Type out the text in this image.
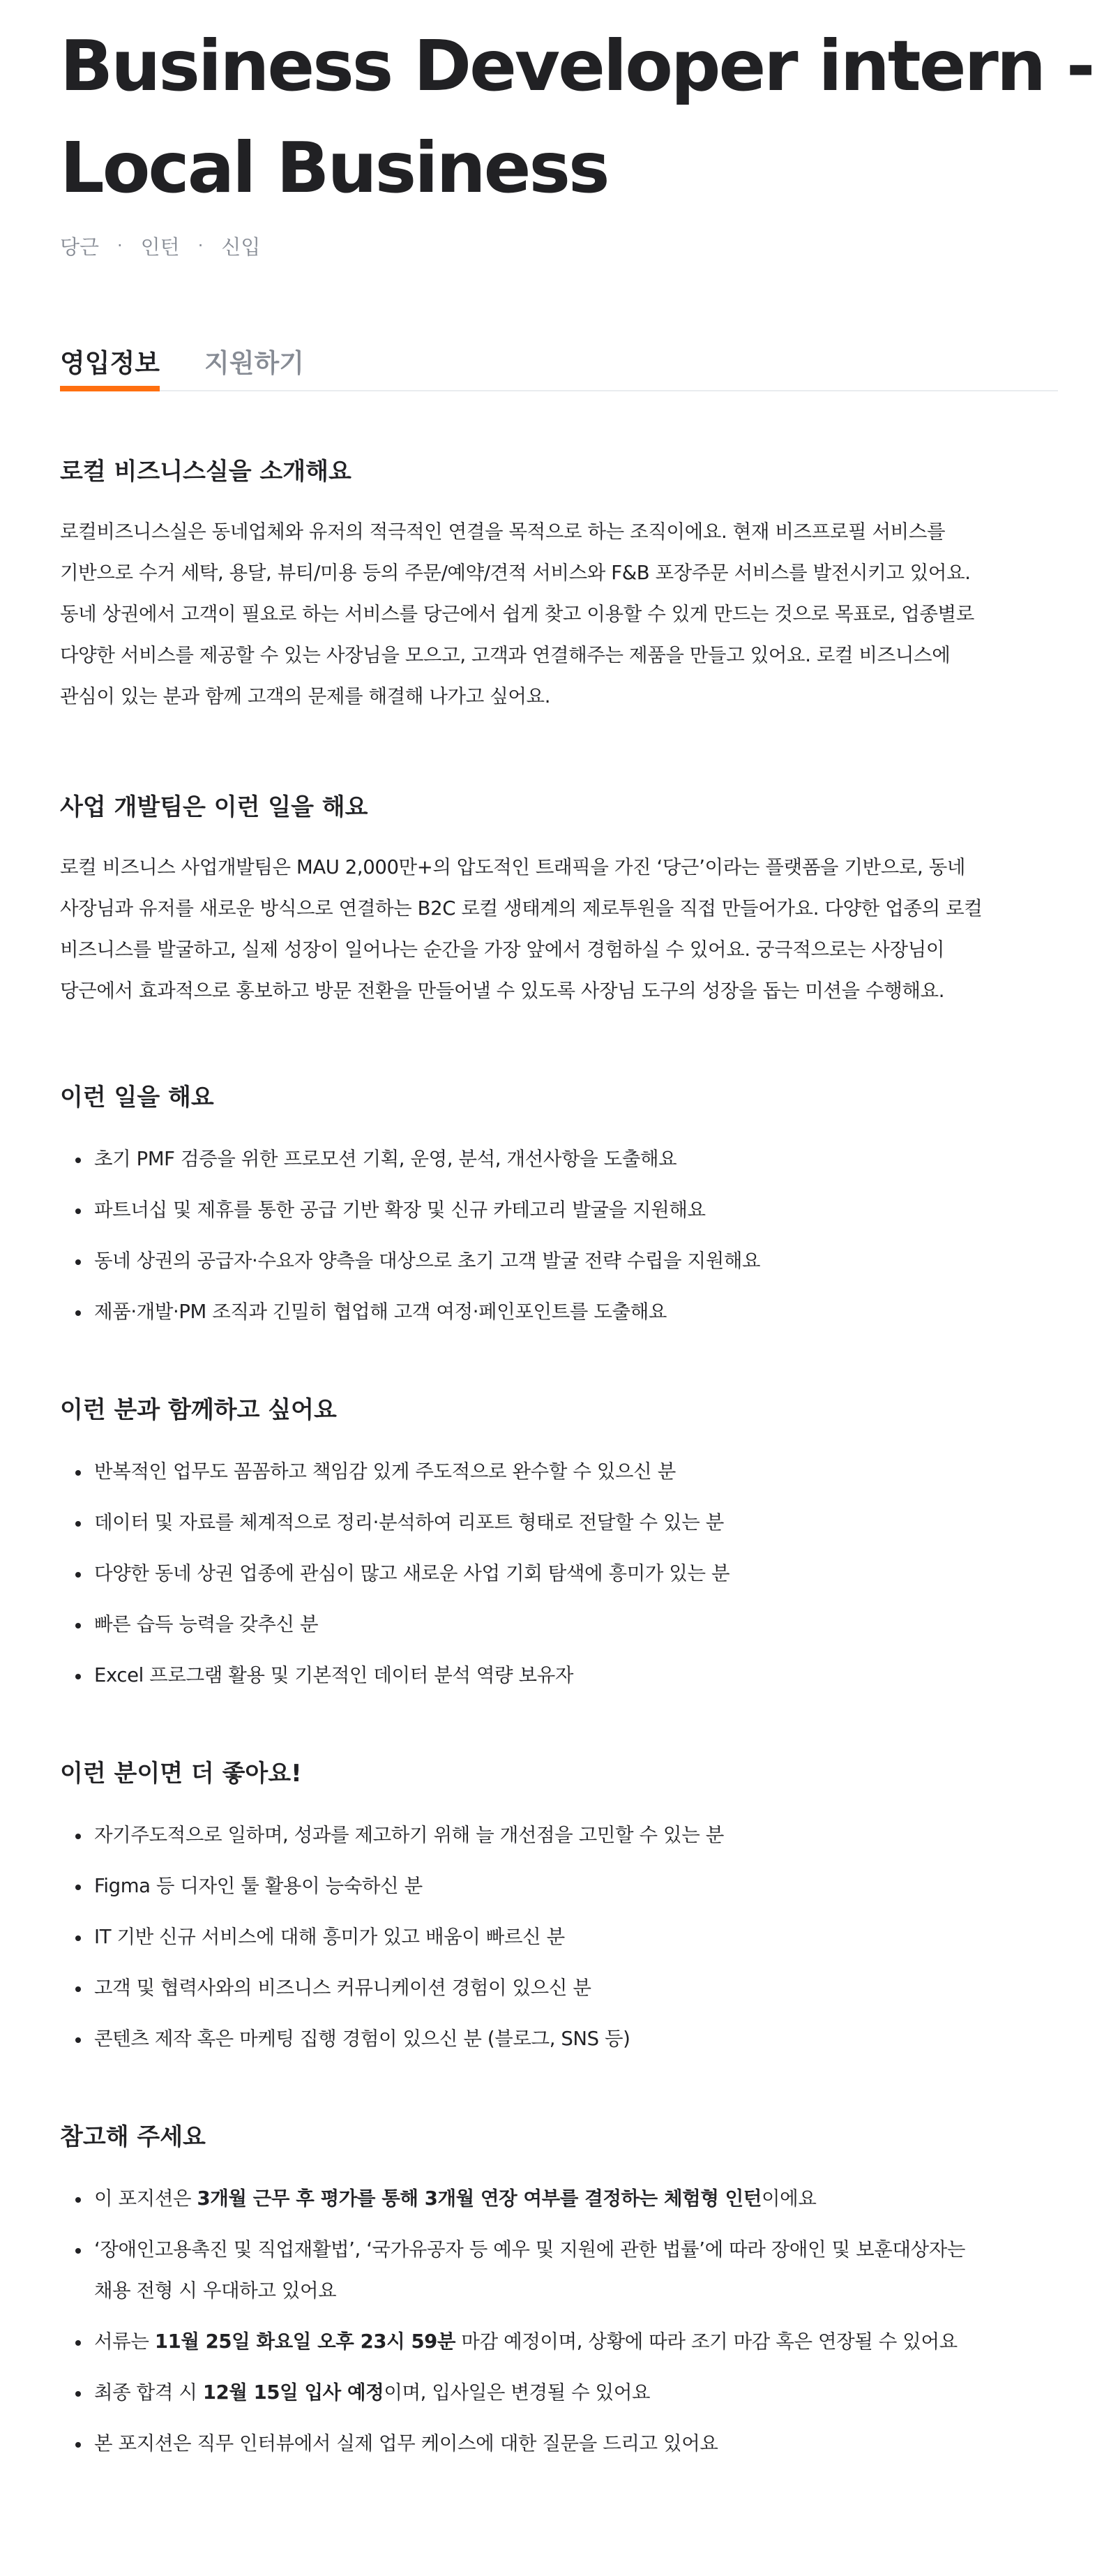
Business Developer intern -
Local Business
당근 · 인턴 · 신입
영입정보 지원하기
로컬 비즈니스실을 소개해요

로컬비즈니스실은 동네업체와 유저의 적극적인 연결을 목적으로 하는 조직이에요. 현재 비즈프로필 서비스를
기반으로 수거 세탁, 용달, 뷰티/미용 등의 주문/예약/견적 서비스와 F&B 포장주문 서비스를 발전시키고 있어요.
동네 상권에서 고객이 필요로 하는 서비스를 당근에서 쉽게 찾고 이용할 수 있게 만드는 것으로 목표로, 업종별로
다양한 서비스를 제공할 수 있는 사장님을 모으고, 고객과 연결해주는 제품을 만들고 있어요. 로컬 비즈니스에
관심이 있는 분과 함께 고객의 문제를 해결해 나가고 싶어요.

사업 개발팀은 이런 일을 해요

로컬 비즈니스 사업개발팀은 MAU 2,000만+의 압도적인 트래픽을 가진 ‘당근’이라는 플랫폼을 기반으로, 동네
사장님과 유저를 새로운 방식으로 연결하는 B2C 로컬 생태계의 제로투원을 직접 만들어가요. 다양한 업종의 로컬
비즈니스를 발굴하고, 실제 성장이 일어나는 순간을 가장 앞에서 경험하실 수 있어요. 궁극적으로는 사장님이
당근에서 효과적으로 홍보하고 방문 전환을 만들어낼 수 있도록 사장님 도구의 성장을 돕는 미션을 수행해요.

이런 일을 해요
초기 PMF 검증을 위한 프로모션 기획, 운영, 분석, 개선사항을 도출해요
파트너십 및 제휴를 통한 공급 기반 확장 및 신규 카테고리 발굴을 지원해요
동네 상권의 공급자·수요자 양측을 대상으로 초기 고객 발굴 전략 수립을 지원해요
제품·개발·PM 조직과 긴밀히 협업해 고객 여정·페인포인트를 도출해요
이런 분과 함께하고 싶어요
반복적인 업무도 꼼꼼하고 책임감 있게 주도적으로 완수할 수 있으신 분
데이터 및 자료를 체계적으로 정리·분석하여 리포트 형태로 전달할 수 있는 분
다양한 동네 상권 업종에 관심이 많고 새로운 사업 기회 탐색에 흥미가 있는 분
빠른 습득 능력을 갖추신 분
Excel 프로그램 활용 및 기본적인 데이터 분석 역량 보유자
이런 분이면 더 좋아요!
자기주도적으로 일하며, 성과를 제고하기 위해 늘 개선점을 고민할 수 있는 분
Figma 등 디자인 툴 활용이 능숙하신 분
IT 기반 신규 서비스에 대해 흥미가 있고 배움이 빠르신 분
고객 및 협력사와의 비즈니스 커뮤니케이션 경험이 있으신 분
콘텐츠 제작 혹은 마케팅 집행 경험이 있으신 분 (블로그, SNS 등)
참고해 주세요
이 포지션은 3개월 근무 후 평가를 통해 3개월 연장 여부를 결정하는 체험형 인턴이에요
‘장애인고용촉진 및 직업재활법’, ‘국가유공자 등 예우 및 지원에 관한 법률’에 따라 장애인 및 보훈대상자는
채용 전형 시 우대하고 있어요
서류는 11월 25일 화요일 오후 23시 59분 마감 예정이며, 상황에 따라 조기 마감 혹은 연장될 수 있어요
최종 합격 시 12월 15일 입사 예정이며, 입사일은 변경될 수 있어요
본 포지션은 직무 인터뷰에서 실제 업무 케이스에 대한 질문을 드리고 있어요
